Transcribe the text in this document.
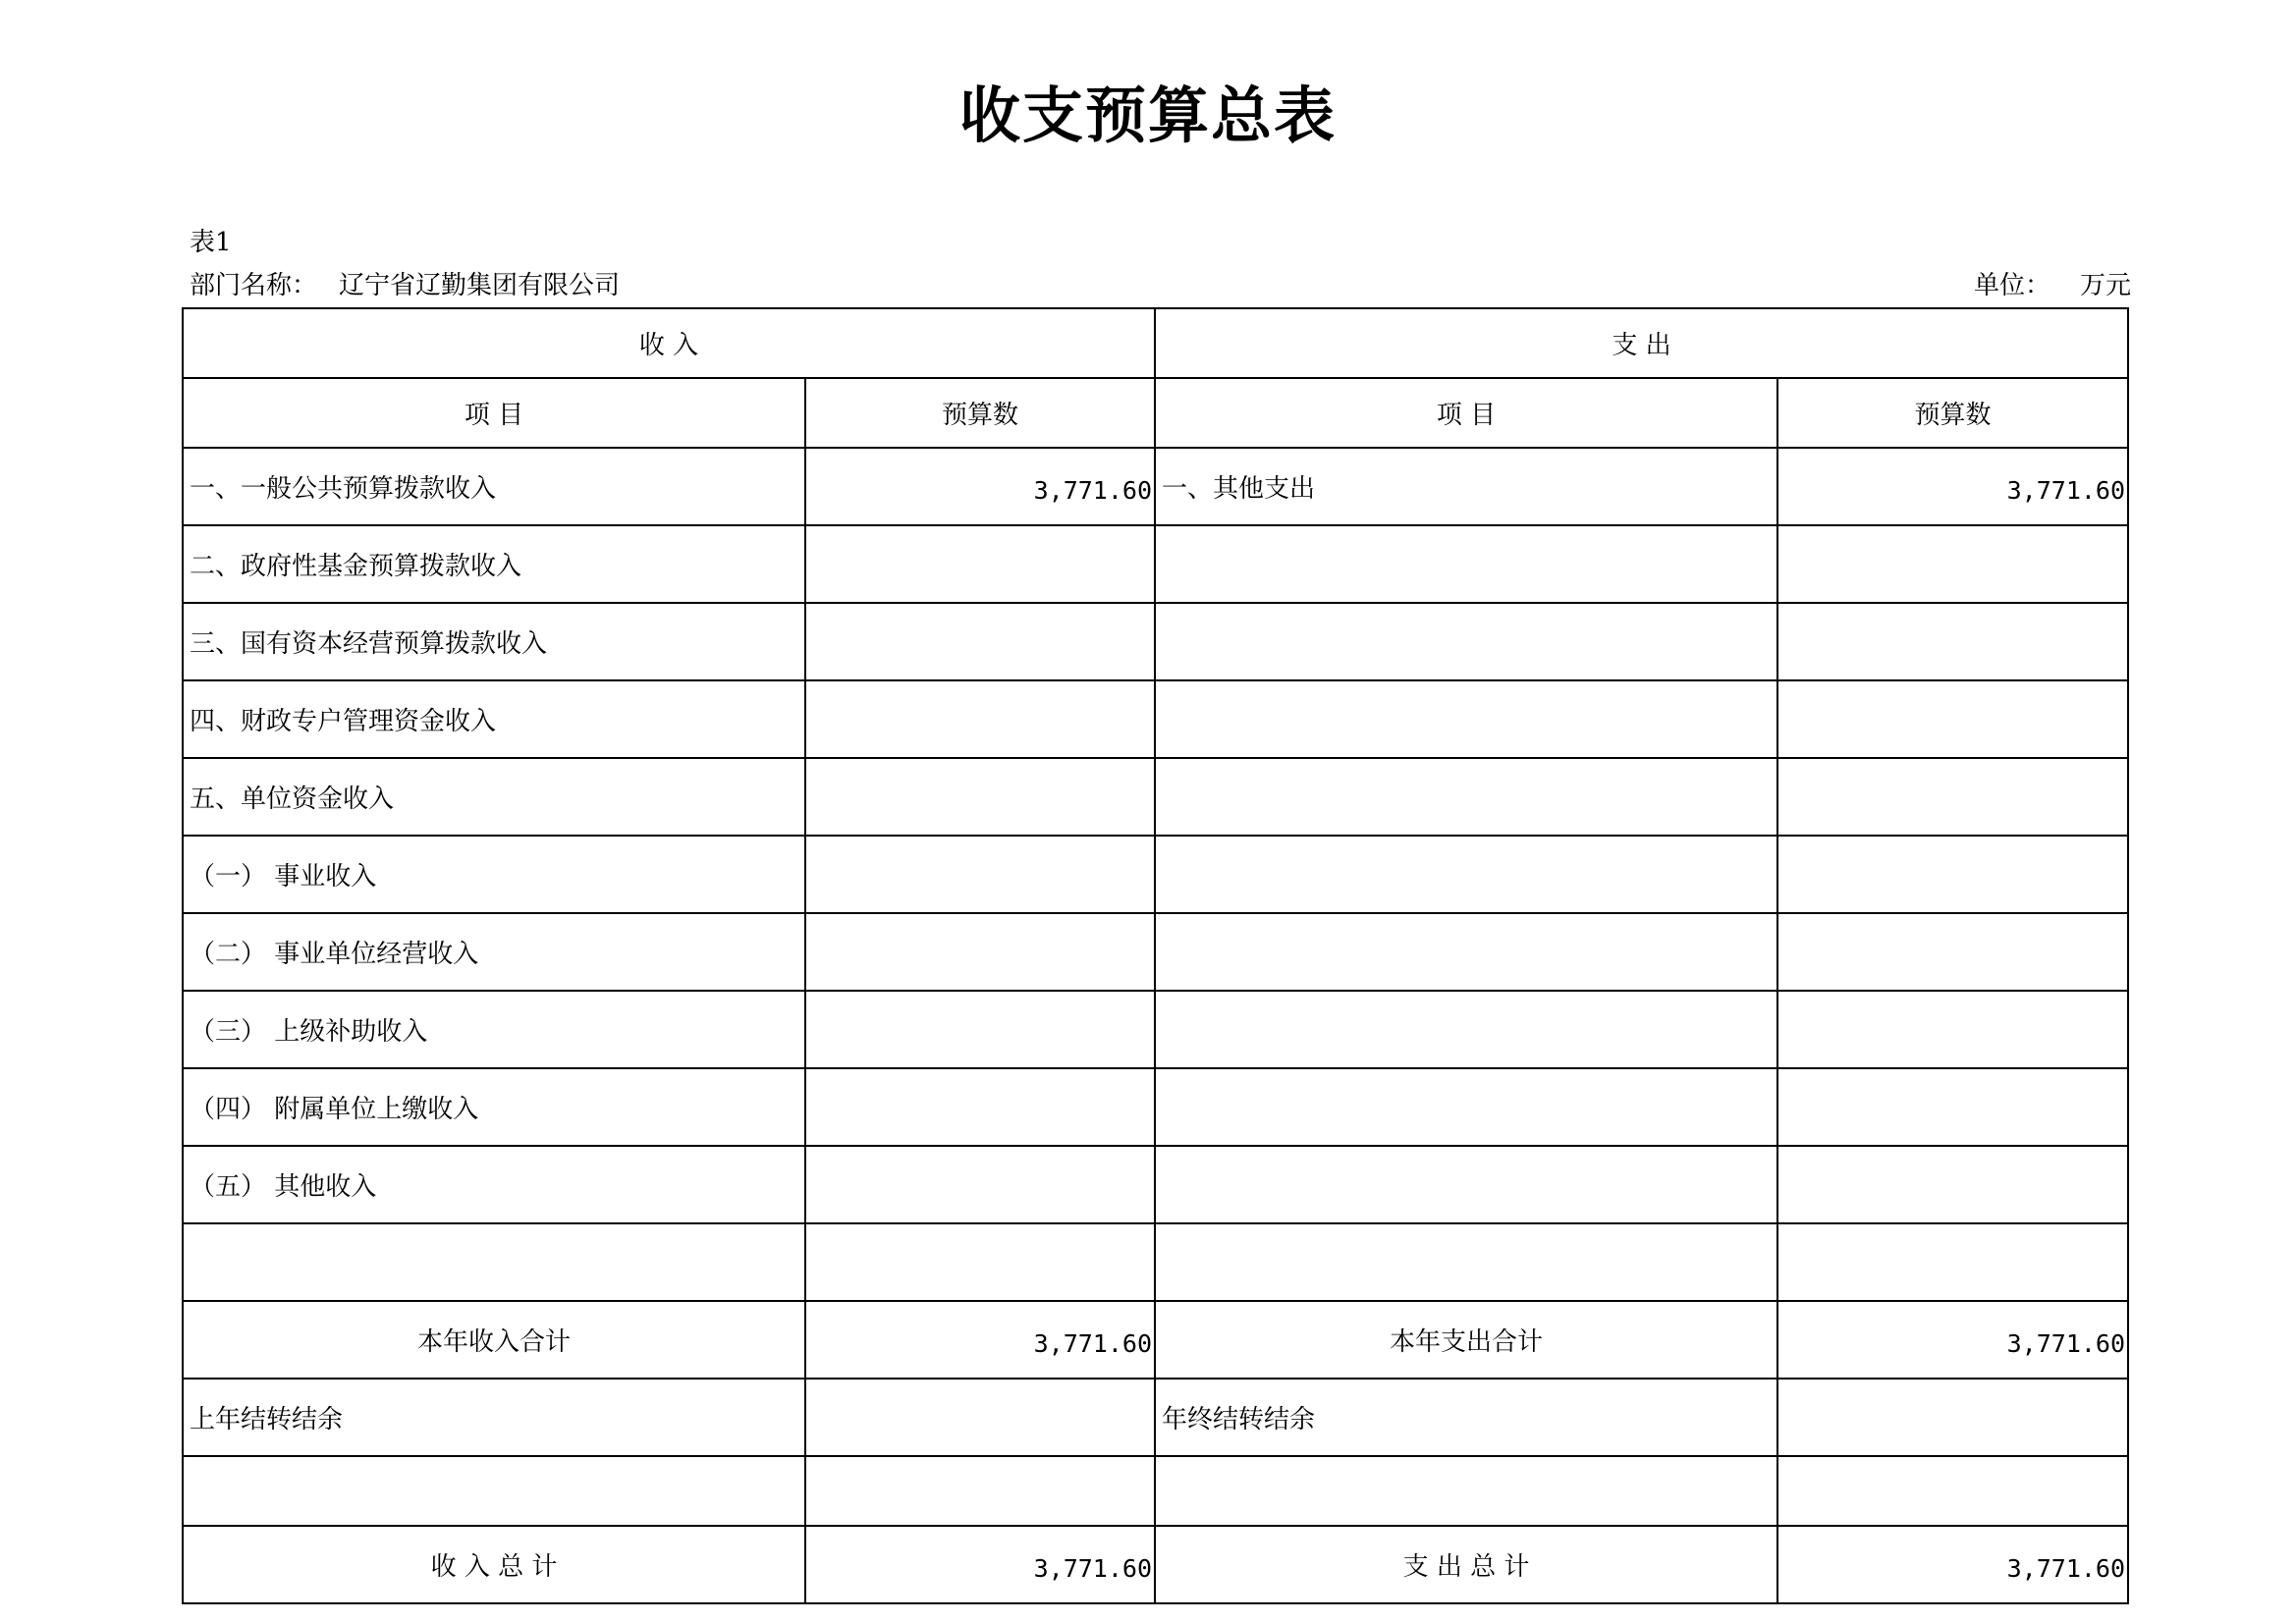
收支预算总表
表1
部门名称： 辽宁省辽勤集团有限公司	单位： 万元
收 入		支 出	
项 目	预算数	项 目	预算数
一、一般公共预算拨款收入	3,771.60	一、其他支出	3,771.60
二、政府性基金预算拨款收入			
三、国有资本经营预算拨款收入			
四、财政专户管理资金收入			
五、单位资金收入			
（一） 事业收入			
（二） 事业单位经营收入			
（三） 上级补助收入			
（四） 附属单位上缴收入			
（五） 其他收入			

本年收入合计	3,771.60	本年支出合计	3,771.60
上年结转结余		年终结转结余	

收 入 总 计	3,771.60	支 出 总 计	3,771.60
